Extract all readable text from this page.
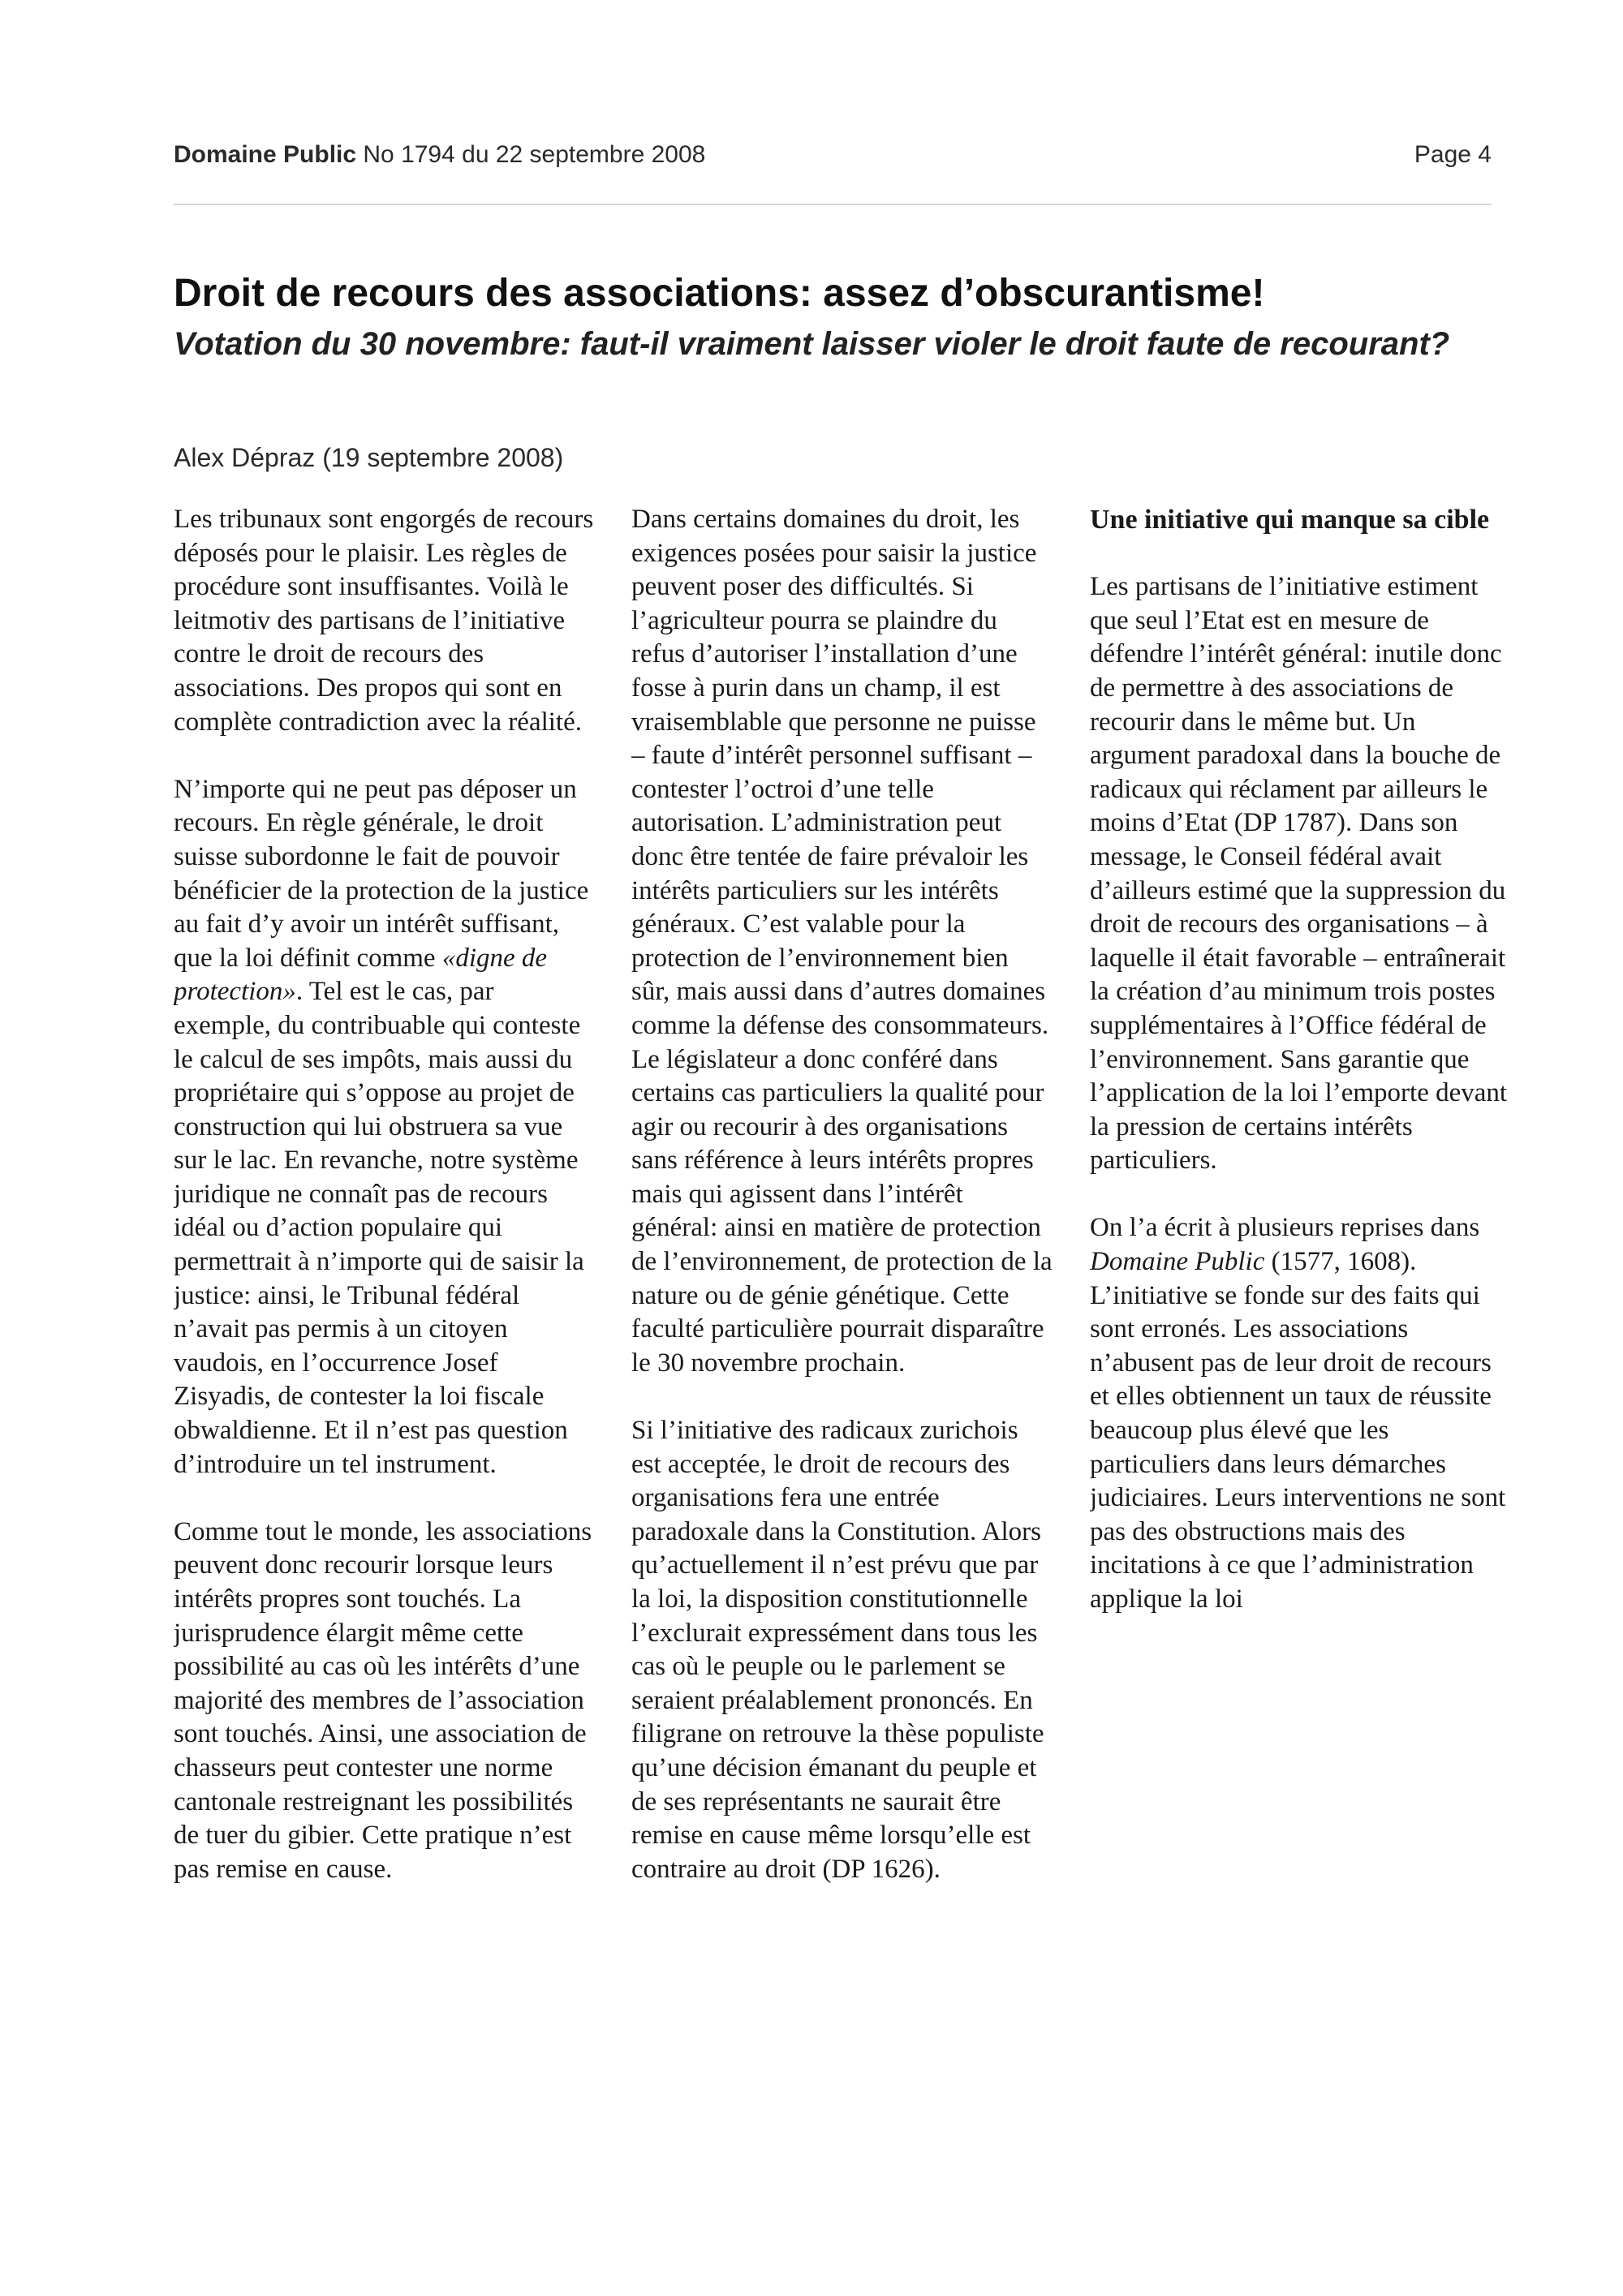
Domaine Public No 1794 du 22 septembre 2008	Page 4
Droit de recours des associations: assez d’obscurantisme!
Votation du 30 novembre: faut-il vraiment laisser violer le droit faute de recourant?
Alex Dépraz (19 septembre 2008)

Les tribunaux sont engorgés de recours déposés pour le plaisir. Les règles de procédure sont insuffisantes. Voilà le leitmotiv des partisans de l’initiative contre le droit de recours des associations. Des propos qui sont en complète contradiction avec la réalité.

N’importe qui ne peut pas déposer un recours. En règle générale, le droit suisse subordonne le fait de pouvoir bénéficier de la protection de la justice au fait d’y avoir un intérêt suffisant, que la loi définit comme «digne de protection». Tel est le cas, par exemple, du contribuable qui conteste le calcul de ses impôts, mais aussi du propriétaire qui s’oppose au projet de construction qui lui obstruera sa vue sur le lac. En revanche, notre système juridique ne connaît pas de recours idéal ou d’action populaire qui permettrait à n’importe qui de saisir la justice: ainsi, le Tribunal fédéral n’avait pas permis à un citoyen vaudois, en l’occurrence Josef Zisyadis, de contester la loi fiscale obwaldienne. Et il n’est pas question d’introduire un tel instrument.

Comme tout le monde, les associations peuvent donc recourir lorsque leurs intérêts propres sont touchés. La jurisprudence élargit même cette possibilité au cas où les intérêts d’une majorité des membres de l’association sont touchés. Ainsi, une association de chasseurs peut contester une norme cantonale restreignant les possibilités de tuer du gibier. Cette pratique n’est pas remise en cause.

Dans certains domaines du droit, les exigences posées pour saisir la justice peuvent poser des difficultés. Si l’agriculteur pourra se plaindre du refus d’autoriser l’installation d’une fosse à purin dans un champ, il est vraisemblable que personne ne puisse – faute d’intérêt personnel suffisant – contester l’octroi d’une telle autorisation. L’administration peut donc être tentée de faire prévaloir les intérêts particuliers sur les intérêts généraux. C’est valable pour la protection de l’environnement bien sûr, mais aussi dans d’autres domaines comme la défense des consommateurs. Le législateur a donc conféré dans certains cas particuliers la qualité pour agir ou recourir à des organisations sans référence à leurs intérêts propres mais qui agissent dans l’intérêt général: ainsi en matière de protection de l’environnement, de protection de la nature ou de génie génétique. Cette faculté particulière pourrait disparaître le 30 novembre prochain.

Si l’initiative des radicaux zurichois est acceptée, le droit de recours des organisations fera une entrée paradoxale dans la Constitution. Alors qu’actuellement il n’est prévu que par la loi, la disposition constitutionnelle l’exclurait expressément dans tous les cas où le peuple ou le parlement se seraient préalablement prononcés. En filigrane on retrouve la thèse populiste qu’une décision émanant du peuple et de ses représentants ne saurait être remise en cause même lorsqu’elle est contraire au droit (DP 1626).

Une initiative qui manque sa cible

Les partisans de l’initiative estiment que seul l’Etat est en mesure de défendre l’intérêt général: inutile donc de permettre à des associations de recourir dans le même but. Un argument paradoxal dans la bouche de radicaux qui réclament par ailleurs le moins d’Etat (DP 1787). Dans son message, le Conseil fédéral avait d’ailleurs estimé que la suppression du droit de recours des organisations – à laquelle il était favorable – entraînerait la création d’au minimum trois postes supplémentaires à l’Office fédéral de l’environnement. Sans garantie que l’application de la loi l’emporte devant la pression de certains intérêts particuliers.

On l’a écrit à plusieurs reprises dans Domaine Public (1577, 1608). L’initiative se fonde sur des faits qui sont erronés. Les associations n’abusent pas de leur droit de recours et elles obtiennent un taux de réussite beaucoup plus élevé que les particuliers dans leurs démarches judiciaires. Leurs interventions ne sont pas des obstructions mais des incitations à ce que l’administration applique la loi
